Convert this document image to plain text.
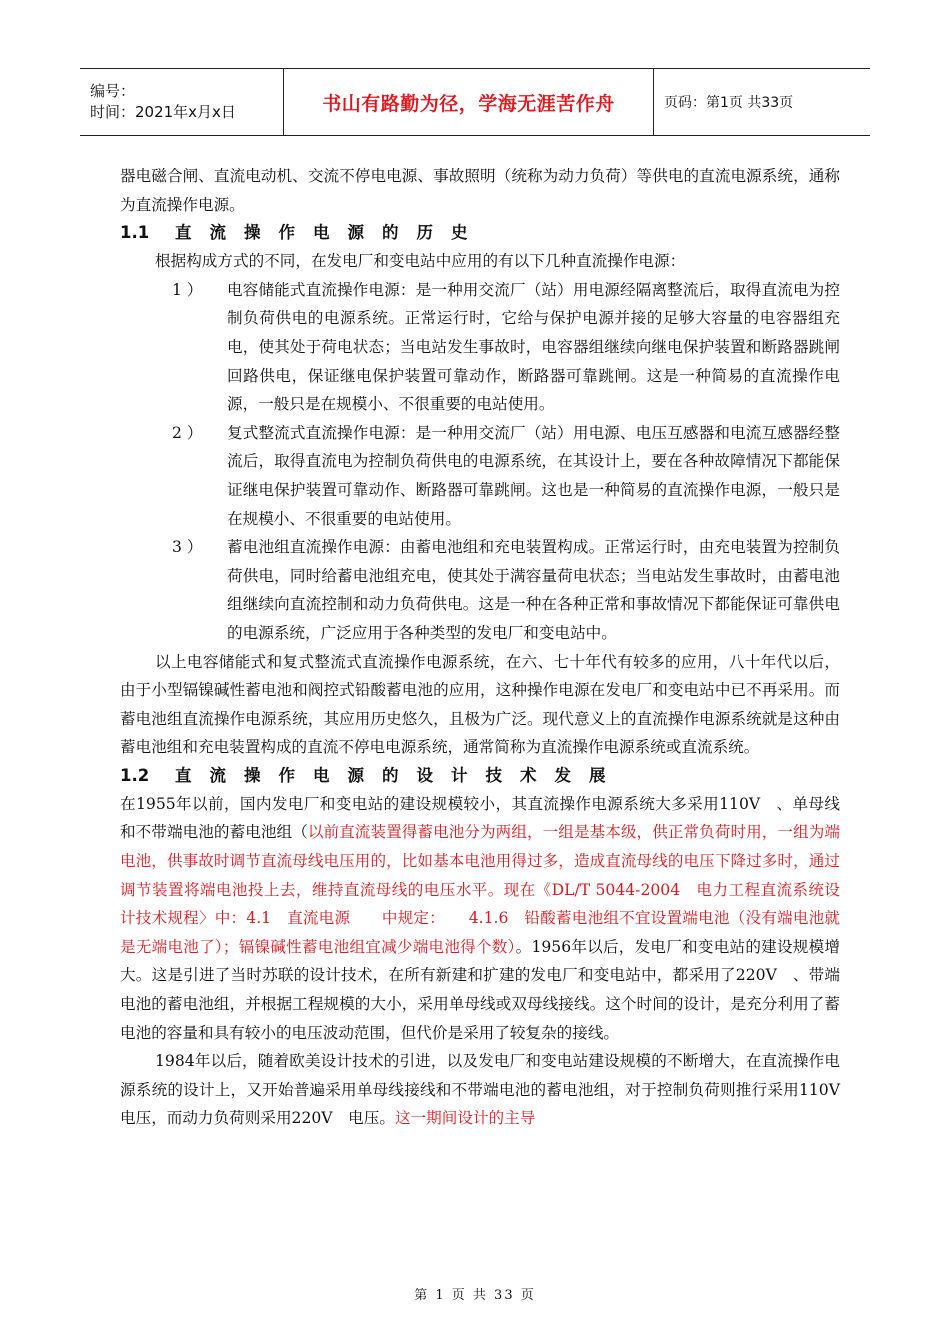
编号：
时间：2021年x月x日	书山有路勤为径，学海无涯苦作舟	页码：第1页 共33页

器电磁合闸、直流电动机、交流不停电电源、事故照明（统称为动力负荷）等供电的直流电源系统，通称为直流操作电源。

1.1 直流操作电源的历史

根据构成方式的不同，在发电厂和变电站中应用的有以下几种直流操作电源：

1 ）	电容储能式直流操作电源：是一种用交流厂（站）用电源经隔离整流后，取得直流电为控制负荷供电的电源系统。正常运行时，它给与保护电源并接的足够大容量的电容器组充电，使其处于荷电状态；当电站发生事故时，电容器组继续向继电保护装置和断路器跳闸回路供电，保证继电保护装置可靠动作，断路器可靠跳闸。这是一种简易的直流操作电源，一般只是在规模小、不很重要的电站使用。
2 ）	复式整流式直流操作电源：是一种用交流厂（站）用电源、电压互感器和电流互感器经整流后，取得直流电为控制负荷供电的电源系统，在其设计上，要在各种故障情况下都能保证继电保护装置可靠动作、断路器可靠跳闸。这也是一种简易的直流操作电源，一般只是在规模小、不很重要的电站使用。
3 ）	蓄电池组直流操作电源：由蓄电池组和充电装置构成。正常运行时，由充电装置为控制负荷供电，同时给蓄电池组充电，使其处于满容量荷电状态；当电站发生事故时，由蓄电池组继续向直流控制和动力负荷供电。这是一种在各种正常和事故情况下都能保证可靠供电的电源系统，广泛应用于各种类型的发电厂和变电站中。

以上电容储能式和复式整流式直流操作电源系统，在六、七十年代有较多的应用，八十年代以后，由于小型镉镍碱性蓄电池和阀控式铅酸蓄电池的应用，这种操作电源在发电厂和变电站中已不再采用。而蓄电池组直流操作电源系统，其应用历史悠久，且极为广泛。现代意义上的直流操作电源系统就是这种由蓄电池组和充电装置构成的直流不停电电源系统，通常简称为直流操作电源系统或直流系统。

1.2 直流操作电源的设计技术发展

在1955年以前，国内发电厂和变电站的建设规模较小，其直流操作电源系统大多采用110V　、单母线和不带端电池的蓄电池组（以前直流装置得蓄电池分为两组，一组是基本级，供正常负荷时用，一组为端电池，供事故时调节直流母线电压用的，比如基本电池用得过多，造成直流母线的电压下降过多时，通过调节装置将端电池投上去，维持直流母线的电压水平。现在《DL/T 5044-2004　电力工程直流系统设计技术规程〉中：4.1　直流电源　　中规定：　　4.1.6　铅酸蓄电池组不宜设置端电池（没有端电池就是无端电池了）；镉镍碱性蓄电池组宜减少端电池得个数）。1956年以后，发电厂和变电站的建设规模增大。这是引进了当时苏联的设计技术，在所有新建和扩建的发电厂和变电站中，都采用了220V　、带端电池的蓄电池组，并根据工程规模的大小，采用单母线或双母线接线。这个时间的设计，是充分利用了蓄电池的容量和具有较小的电压波动范围，但代价是采用了较复杂的接线。

1984年以后，随着欧美设计技术的引进，以及发电厂和变电站建设规模的不断增大，在直流操作电源系统的设计上，又开始普遍采用单母线接线和不带端电池的蓄电池组，对于控制负荷则推行采用110V　电压，而动力负荷则采用220V　电压。这一期间设计的主导

第 1 页 共 33 页
